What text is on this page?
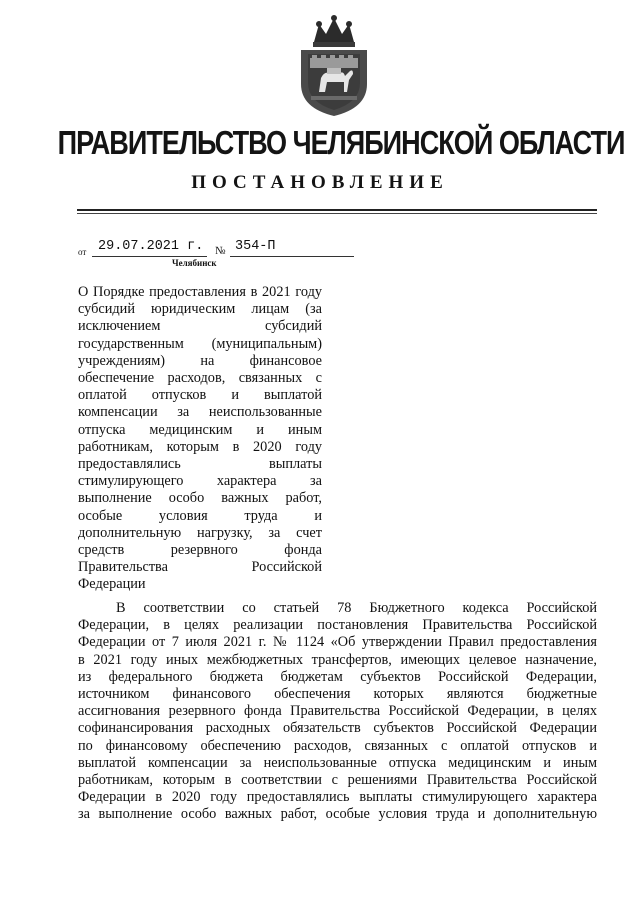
ПРАВИТЕЛЬСТВО ЧЕЛЯБИНСКОЙ ОБЛАСТИ
ПОСТАНОВЛЕНИЕ
от 29.07.2021 г. № 354-П
Челябинск
О Порядке предоставления в 2021 году
субсидий юридическим лицам (за
исключением субсидий
государственным (муниципальным)
учреждениям) на финансовое
обеспечение расходов, связанных с
оплатой отпусков и выплатой
компенсации за неиспользованные
отпуска медицинским и иным
работникам, которым в 2020 году
предоставлялись выплаты
стимулирующего характера за
выполнение особо важных работ,
особые условия труда и
дополнительную нагрузку, за счет
средств резервного фонда
Правительства Российской
Федерации
В соответствии со статьей 78 Бюджетного кодекса Российской
Федерации, в целях реализации постановления Правительства Российской
Федерации от 7 июля 2021 г. № 1124 «Об утверждении Правил предоставления
в 2021 году иных межбюджетных трансфертов, имеющих целевое назначение,
из федерального бюджета бюджетам субъектов Российской Федерации,
источником финансового обеспечения которых являются бюджетные
ассигнования резервного фонда Правительства Российской Федерации, в целях
софинансирования расходных обязательств субъектов Российской Федерации
по финансовому обеспечению расходов, связанных с оплатой отпусков и
выплатой компенсации за неиспользованные отпуска медицинским и иным
работникам, которым в соответствии с решениями Правительства Российской
Федерации в 2020 году предоставлялись выплаты стимулирующего характера
за выполнение особо важных работ, особые условия труда и дополнительную
